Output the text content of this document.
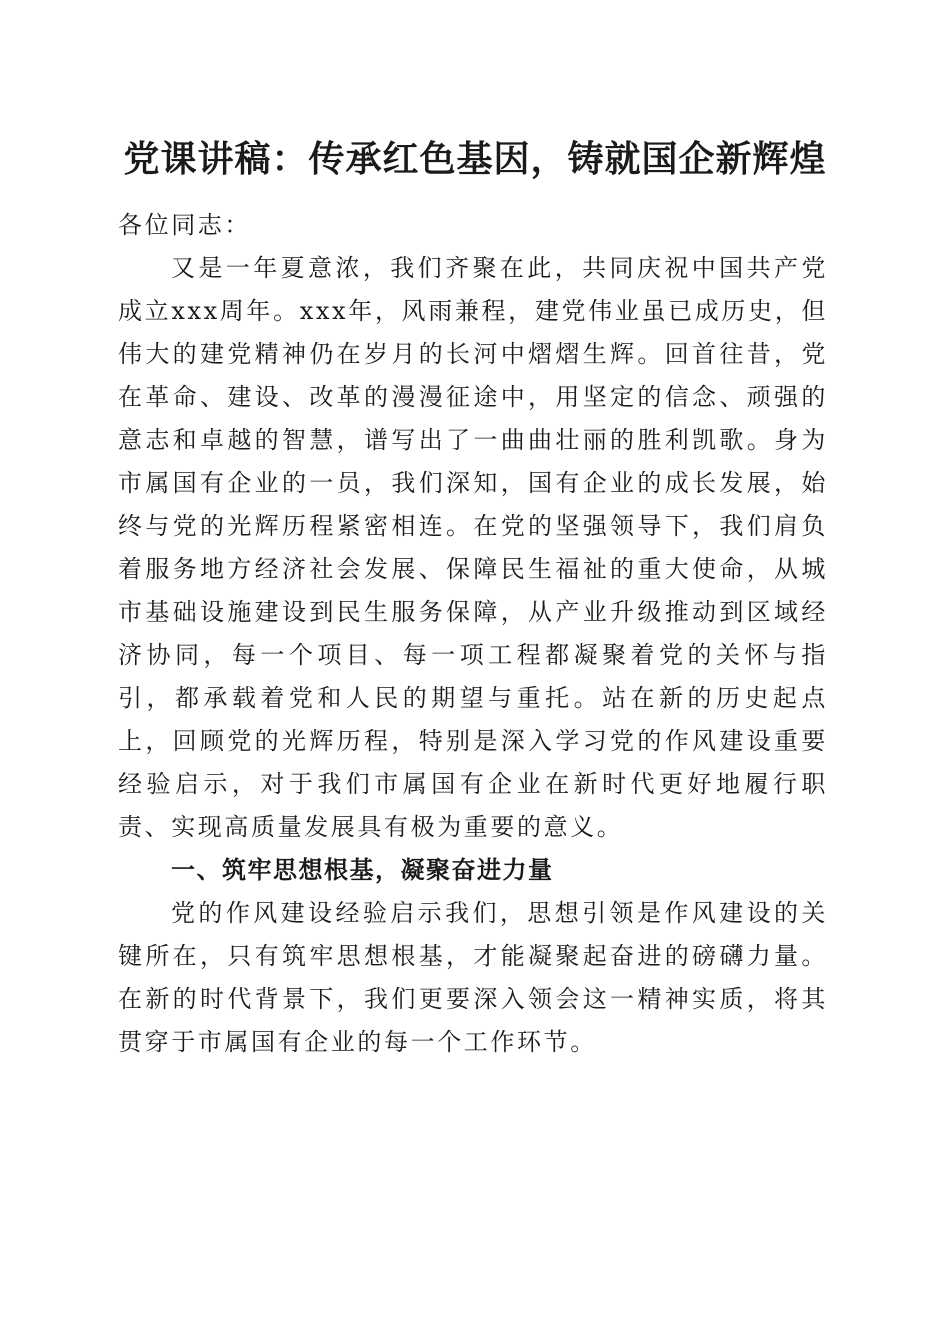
党课讲稿：传承红色基因，铸就国企新辉煌

各位同志：

又是一年夏意浓，我们齐聚在此，共同庆祝中国共产党成立xxx周年。xxx年，风雨兼程，建党伟业虽已成历史，但伟大的建党精神仍在岁月的长河中熠熠生辉。回首往昔，党在革命、建设、改革的漫漫征途中，用坚定的信念、顽强的意志和卓越的智慧，谱写出了一曲曲壮丽的胜利凯歌。身为市属国有企业的一员，我们深知，国有企业的成长发展，始终与党的光辉历程紧密相连。在党的坚强领导下，我们肩负着服务地方经济社会发展、保障民生福祉的重大使命，从城市基础设施建设到民生服务保障，从产业升级推动到区域经济协同，每一个项目、每一项工程都凝聚着党的关怀与指引，都承载着党和人民的期望与重托。站在新的历史起点上，回顾党的光辉历程，特别是深入学习党的作风建设重要经验启示，对于我们市属国有企业在新时代更好地履行职责、实现高质量发展具有极为重要的意义。

一、筑牢思想根基，凝聚奋进力量

党的作风建设经验启示我们，思想引领是作风建设的关键所在，只有筑牢思想根基，才能凝聚起奋进的磅礴力量。在新的时代背景下，我们更要深入领会这一精神实质，将其贯穿于市属国有企业的每一个工作环节。
